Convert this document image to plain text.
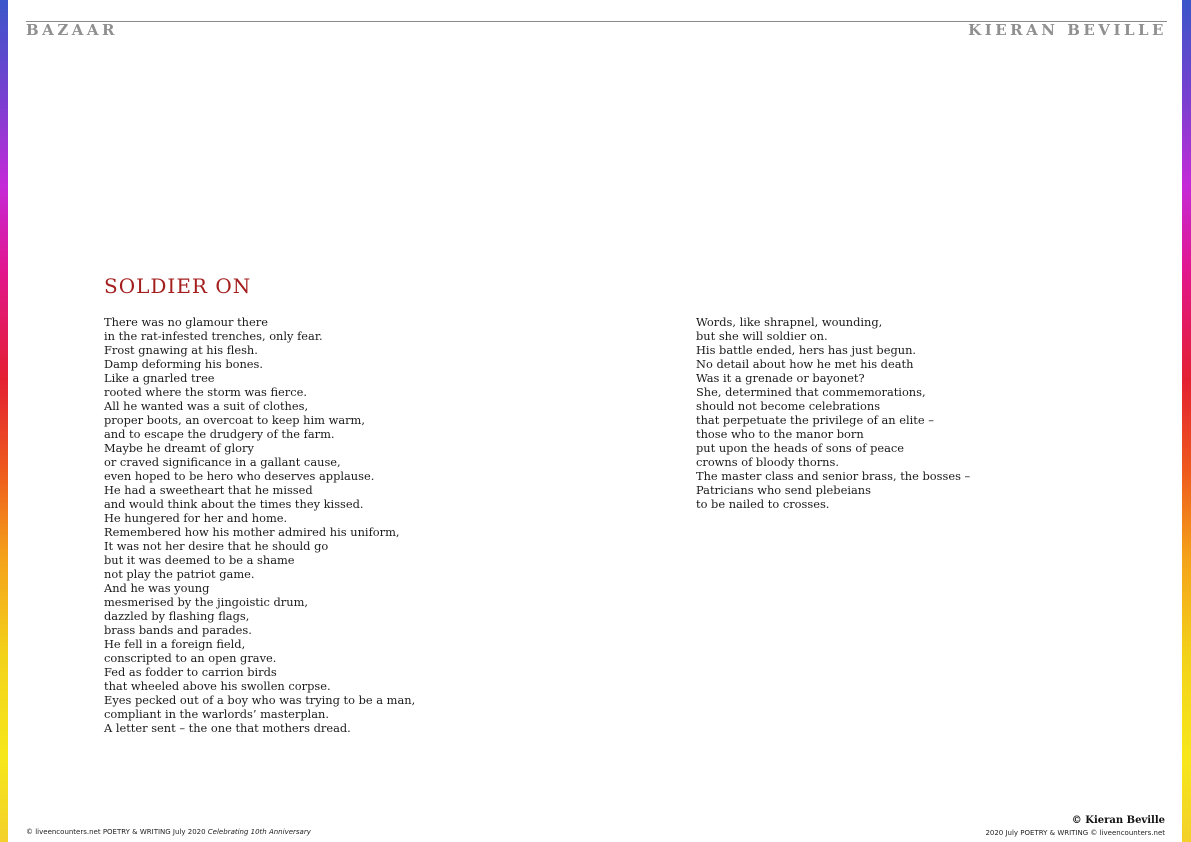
BAZAAR	KIERAN BEVILLE
SOLDIER ON
There was no glamour there
in the rat-infested trenches, only fear.
Frost gnawing at his flesh.
Damp deforming his bones.
Like a gnarled tree
rooted where the storm was fierce.
All he wanted was a suit of clothes,
proper boots, an overcoat to keep him warm,
and to escape the drudgery of the farm.
Maybe he dreamt of glory
or craved significance in a gallant cause,
even hoped to be hero who deserves applause.
He had a sweetheart that he missed
and would think about the times they kissed.
He hungered for her and home.
Remembered how his mother admired his uniform,
It was not her desire that he should go
but it was deemed to be a shame
not play the patriot game.
And he was young
mesmerised by the jingoistic drum,
dazzled by flashing flags,
brass bands and parades.
He fell in a foreign field,
conscripted to an open grave.
Fed as fodder to carrion birds
that wheeled above his swollen corpse.
Eyes pecked out of a boy who was trying to be a man,
compliant in the warlords’ masterplan.
A letter sent – the one that mothers dread.
Words, like shrapnel, wounding,
but she will soldier on.
His battle ended, hers has just begun.
No detail about how he met his death
Was it a grenade or bayonet?
She, determined that commemorations,
should not become celebrations
that perpetuate the privilege of an elite –
those who to the manor born
put upon the heads of sons of peace
crowns of bloody thorns.
The master class and senior brass, the bosses –
Patricians who send plebeians
to be nailed to crosses.
© liveencounters.net POETRY & WRITING July 2020 Celebrating 10th Anniversary
© Kieran Beville
2020 July POETRY & WRITING © liveencounters.net
